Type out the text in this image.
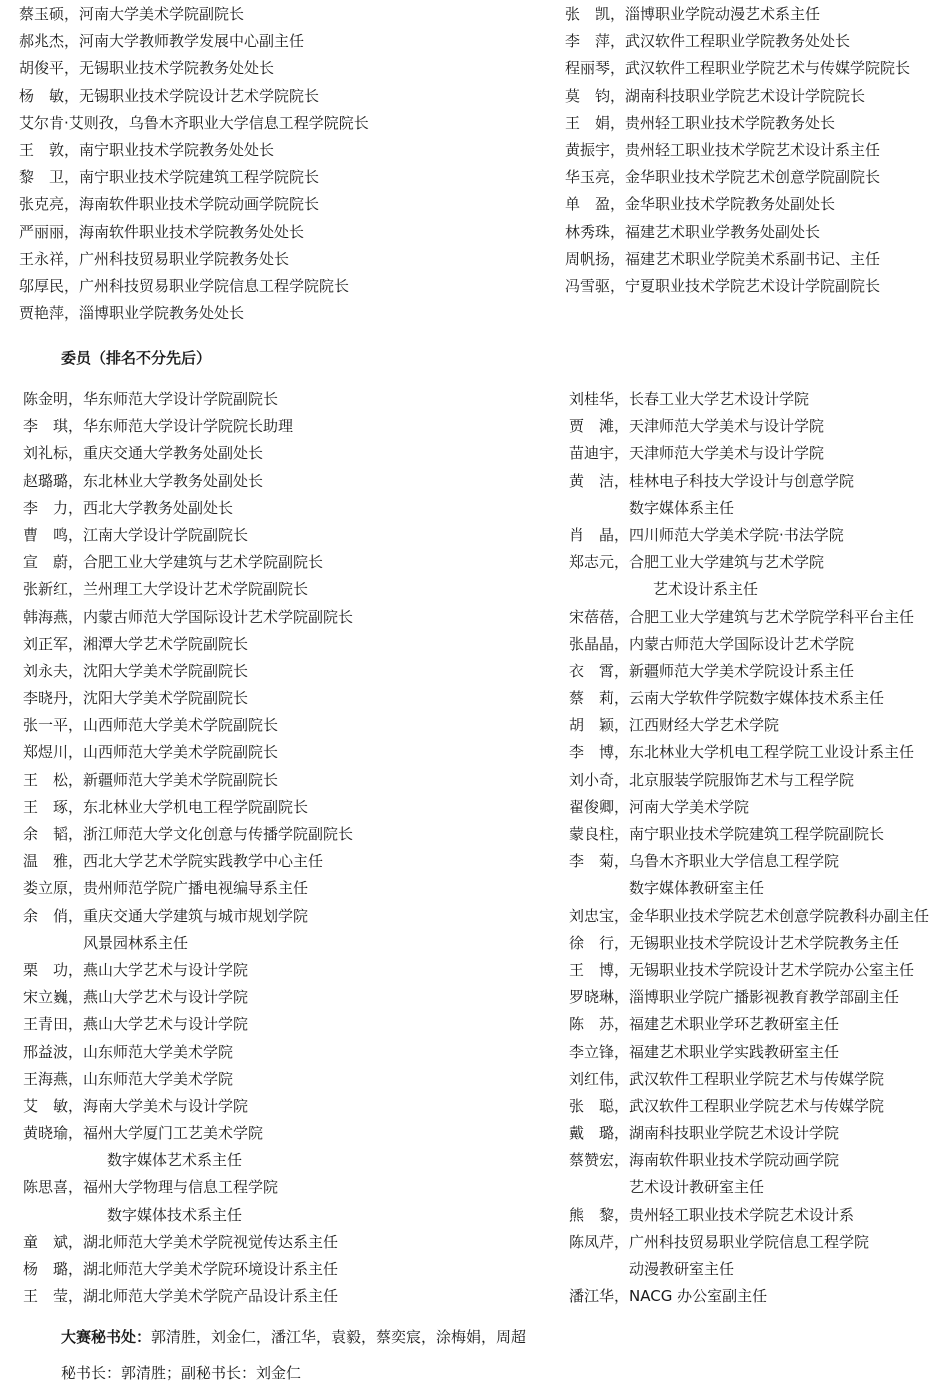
蔡玉硕，河南大学美术学院副院长
郝兆杰，河南大学教师教学发展中心副主任
胡俊平，无锡职业技术学院教务处处长
杨　敏，无锡职业技术学院设计艺术学院院长
艾尔肯·艾则孜，乌鲁木齐职业大学信息工程学院院长
王　敦，南宁职业技术学院教务处处长
黎　卫，南宁职业技术学院建筑工程学院院长
张克亮，海南软件职业技术学院动画学院院长
严丽丽，海南软件职业技术学院教务处处长
王永祥，广州科技贸易职业学院教务处长
邬厚民，广州科技贸易职业学院信息工程学院院长
贾艳萍，淄博职业学院教务处处长
张　凯，淄博职业学院动漫艺术系主任
李　萍，武汉软件工程职业学院教务处处长
程丽琴，武汉软件工程职业学院艺术与传媒学院院长
莫　钧，湖南科技职业学院艺术设计学院院长
王　娟，贵州轻工职业技术学院教务处长
黄振宇，贵州轻工职业技术学院艺术设计系主任
华玉亮，金华职业技术学院艺术创意学院副院长
单　盈，金华职业技术学院教务处副处长
林秀珠，福建艺术职业学教务处副处长
周帆扬，福建艺术职业学院美术系副书记、主任
冯雪驱，宁夏职业技术学院艺术设计学院副院长
委员（排名不分先后）
陈金明，华东师范大学设计学院副院长
李　琪，华东师范大学设计学院院长助理
刘礼标，重庆交通大学教务处副处长
赵璐璐，东北林业大学教务处副处长
李　力，西北大学教务处副处长
曹　鸣，江南大学设计学院副院长
宣　蔚，合肥工业大学建筑与艺术学院副院长
张新红，兰州理工大学设计艺术学院副院长
韩海燕，内蒙古师范大学国际设计艺术学院副院长
刘正军，湘潭大学艺术学院副院长
刘永夫，沈阳大学美术学院副院长
李晓丹，沈阳大学美术学院副院长
张一平，山西师范大学美术学院副院长
郑煜川，山西师范大学美术学院副院长
王　松，新疆师范大学美术学院副院长
王　琢，东北林业大学机电工程学院副院长
余　韬，浙江师范大学文化创意与传播学院副院长
温　雅，西北大学艺术学院实践教学中心主任
娄立原，贵州师范学院广播电视编导系主任
余　俏，重庆交通大学建筑与城市规划学院
风景园林系主任
栗　功，燕山大学艺术与设计学院
宋立巍，燕山大学艺术与设计学院
王青田，燕山大学艺术与设计学院
邢益波，山东师范大学美术学院
王海燕，山东师范大学美术学院
艾　敏，海南大学美术与设计学院
黄晓瑜，福州大学厦门工艺美术学院
数字媒体艺术系主任
陈思喜，福州大学物理与信息工程学院
数字媒体技术系主任
童　斌，湖北师范大学美术学院视觉传达系主任
杨　璐，湖北师范大学美术学院环境设计系主任
王　莹，湖北师范大学美术学院产品设计系主任
刘桂华，长春工业大学艺术设计学院
贾　滩，天津师范大学美术与设计学院
苗迪宇，天津师范大学美术与设计学院
黄　洁，桂林电子科技大学设计与创意学院
数字媒体系主任
肖　晶，四川师范大学美术学院·书法学院
郑志元，合肥工业大学建筑与艺术学院
艺术设计系主任
宋蓓蓓，合肥工业大学建筑与艺术学院学科平台主任
张晶晶，内蒙古师范大学国际设计艺术学院
衣　霄，新疆师范大学美术学院设计系主任
蔡　莉，云南大学软件学院数字媒体技术系主任
胡　颖，江西财经大学艺术学院
李　博，东北林业大学机电工程学院工业设计系主任
刘小奇，北京服装学院服饰艺术与工程学院
翟俊卿，河南大学美术学院
蒙良柱，南宁职业技术学院建筑工程学院副院长
李　菊，乌鲁木齐职业大学信息工程学院
数字媒体教研室主任
刘忠宝，金华职业技术学院艺术创意学院教科办副主任
徐　行，无锡职业技术学院设计艺术学院教务主任
王　博，无锡职业技术学院设计艺术学院办公室主任
罗晓琳，淄博职业学院广播影视教育教学部副主任
陈　苏，福建艺术职业学环艺教研室主任
李立锋，福建艺术职业学实践教研室主任
刘红伟，武汉软件工程职业学院艺术与传媒学院
张　聪，武汉软件工程职业学院艺术与传媒学院
戴　璐，湖南科技职业学院艺术设计学院
蔡赞宏，海南软件职业技术学院动画学院
艺术设计教研室主任
熊　黎，贵州轻工职业技术学院艺术设计系
陈凤芹，广州科技贸易职业学院信息工程学院
动漫教研室主任
潘江华，NACG 办公室副主任
大赛秘书处：郭清胜，刘金仁，潘江华，袁毅，蔡奕宸，涂梅娟，周超
秘书长：郭清胜；副秘书长：刘金仁
